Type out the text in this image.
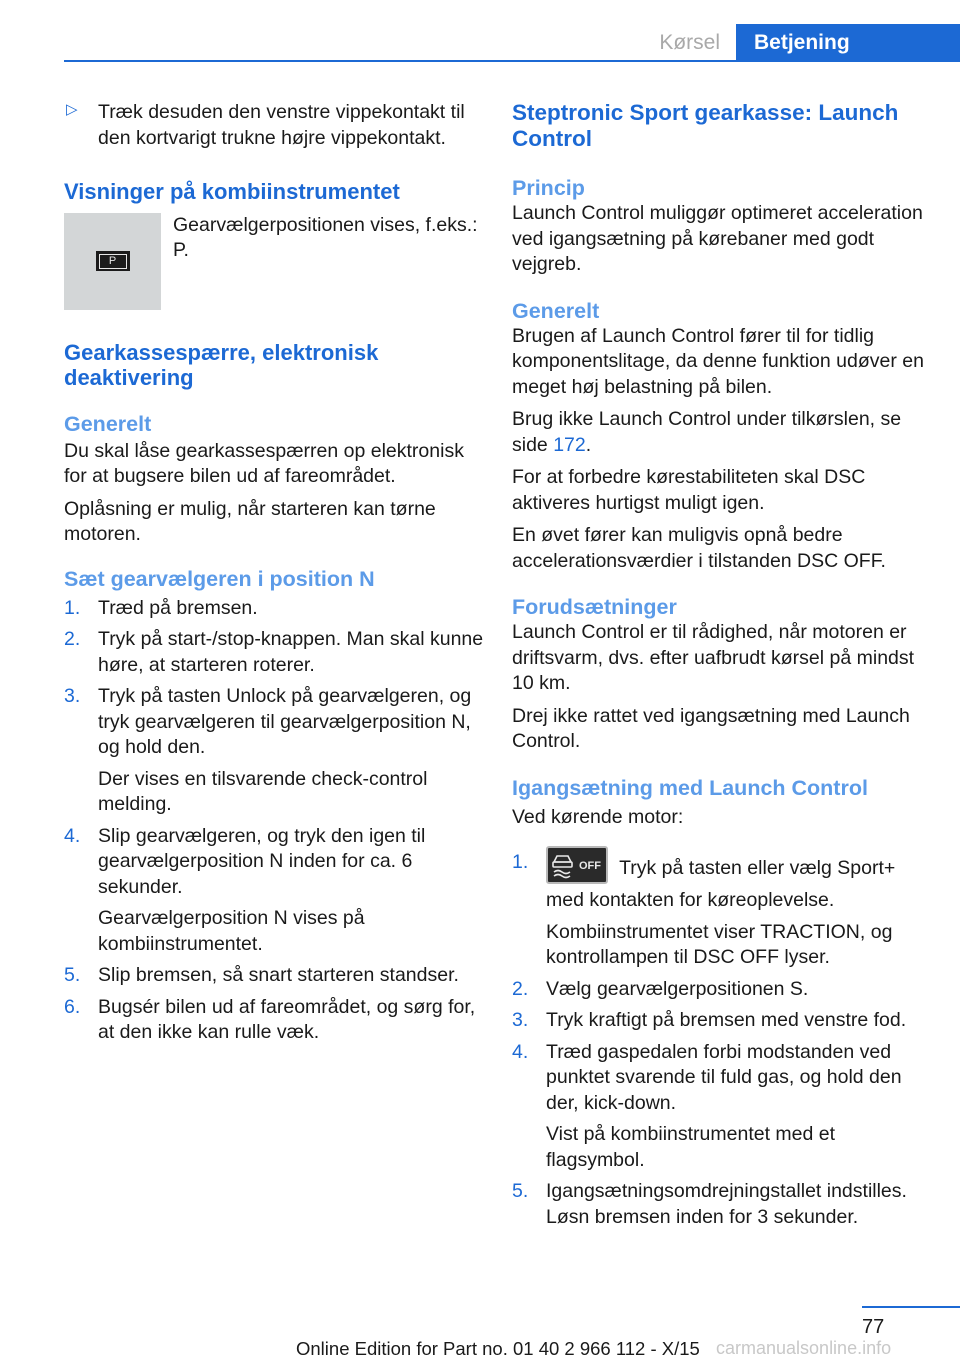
Kørsel	Betjening
▷ Træk desuden den venstre vippekontakt til den kortvarigt trukne højre vippekontakt.

Visninger på kombiinstrumentet
P

Gearvælgerpositionen vises, f.eks.: P.

Gearkassespærre, elektronisk deaktivering
Generelt

Du skal låse gearkassespærren op elektronisk for at bugsere bilen ud af fareområdet.

Oplåsning er mulig, når starteren kan tørne motoren.

Sæt gearvælgeren i position N
1. Træd på bremsen.
2. Tryk på start-/stop-knappen. Man skal kunne høre, at starteren roterer.
3. Tryk på tasten Unlock på gearvælgeren, og tryk gearvælgeren til gearvælgerposition N, og hold den.
Der vises en tilsvarende check-control melding.
4. Slip gearvælgeren, og tryk den igen til gearvælgerposition N inden for ca. 6 sekunder.
Gearvælgerposition N vises på kombiinstrumentet.
5. Slip bremsen, så snart starteren standser.
6. Bugsér bilen ud af fareområdet, og sørg for, at den ikke kan rulle væk.
Steptronic Sport gearkasse: Launch Control
Princip

Launch Control muliggør optimeret acceleration ved igangsætning på kørebaner med godt vejgreb.

Generelt

Brugen af Launch Control fører til for tidlig komponentslitage, da denne funktion udøver en meget høj belastning på bilen.

Brug ikke Launch Control under tilkørslen, se side 172.

For at forbedre kørestabiliteten skal DSC aktiveres hurtigst muligt igen.

En øvet fører kan muligvis opnå bedre accelerationsværdier i tilstanden DSC OFF.

Forudsætninger

Launch Control er til rådighed, når motoren er driftsvarm, dvs. efter uafbrudt kørsel på mindst 10 km.

Drej ikke rattet ved igangsætning med Launch Control.

Igangsætning med Launch Control

Ved kørende motor:

1.	OFF Tryk på tasten eller vælg Sport+ med kontakten for køreoplevelse.
Kombiinstrumentet viser TRACTION, og kontrollampen til DSC OFF lyser.
2. Vælg gearvælgerpositionen S.
3. Tryk kraftigt på bremsen med venstre fod.
4. Træd gaspedalen forbi modstanden ved punktet svarende til fuld gas, og hold den der, kick-down.
Vist på kombiinstrumentet med et flagsymbol.
5. Igangsætningsomdrejningstallet indstilles. Løsn bremsen inden for 3 sekunder.
77
Online Edition for Part no. 01 40 2 966 112 - X/15 carmanualsonline.info
